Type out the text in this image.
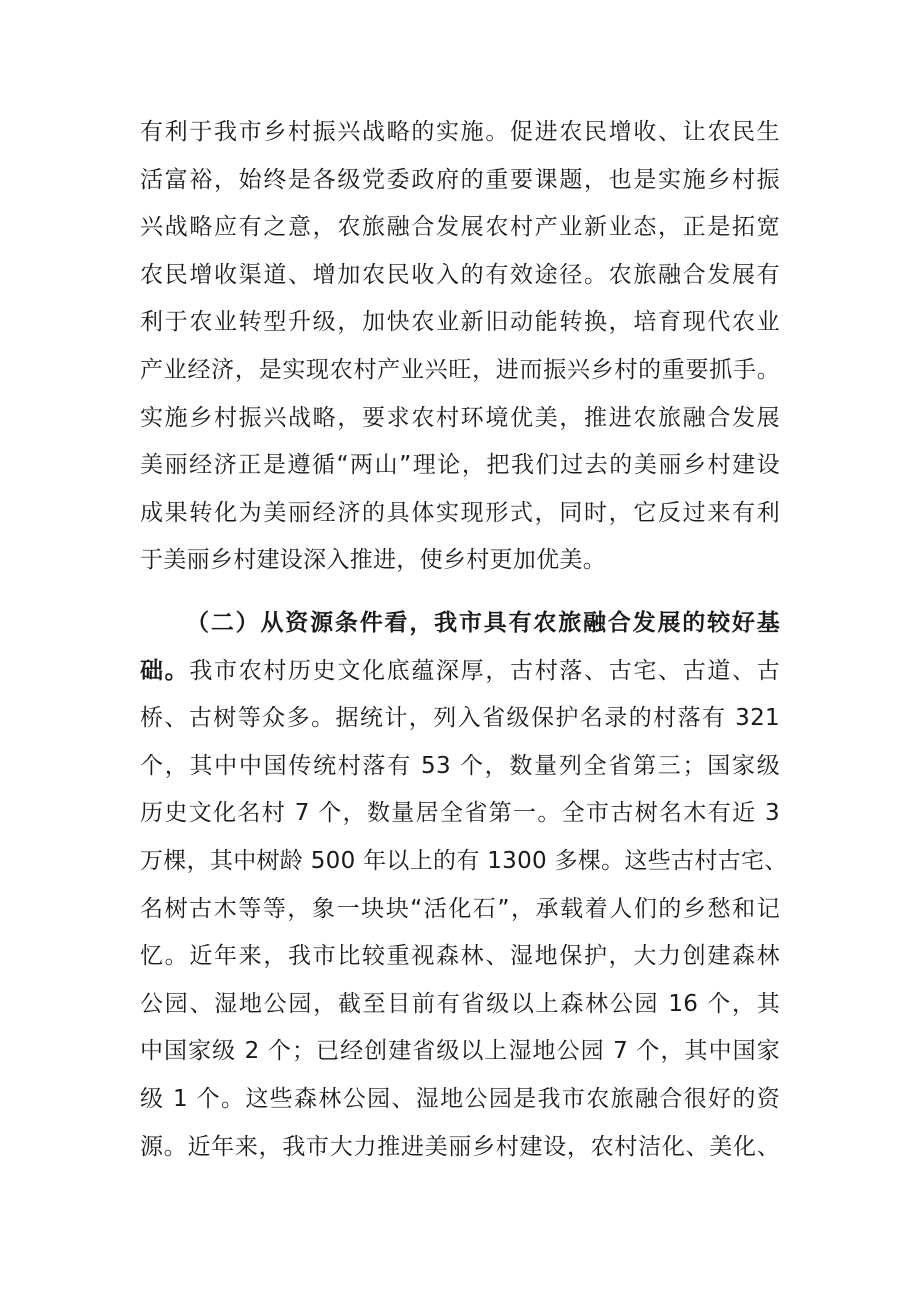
有利于我市乡村振兴战略的实施。促进农民增收、让农民生
活富裕，始终是各级党委政府的重要课题，也是实施乡村振
兴战略应有之意，农旅融合发展农村产业新业态，正是拓宽
农民增收渠道、增加农民收入的有效途径。农旅融合发展有
利于农业转型升级，加快农业新旧动能转换，培育现代农业
产业经济，是实现农村产业兴旺，进而振兴乡村的重要抓手。
实施乡村振兴战略，要求农村环境优美，推进农旅融合发展
美丽经济正是遵循“两山”理论，把我们过去的美丽乡村建设
成果转化为美丽经济的具体实现形式，同时，它反过来有利
于美丽乡村建设深入推进，使乡村更加优美。
（二）从资源条件看，我市具有农旅融合发展的较好基
础。我市农村历史文化底蕴深厚，古村落、古宅、古道、古
桥、古树等众多。据统计，列入省级保护名录的村落有 321
个，其中中国传统村落有 53 个，数量列全省第三；国家级
历史文化名村 7 个，数量居全省第一。全市古树名木有近 3
万棵，其中树龄 500 年以上的有 1300 多棵。这些古村古宅、
名树古木等等，象一块块“活化石”，承载着人们的乡愁和记
忆。近年来，我市比较重视森林、湿地保护，大力创建森林
公园、湿地公园，截至目前有省级以上森林公园 16 个，其
中国家级 2 个；已经创建省级以上湿地公园 7 个，其中国家
级 1 个。这些森林公园、湿地公园是我市农旅融合很好的资
源。近年来，我市大力推进美丽乡村建设，农村洁化、美化、
